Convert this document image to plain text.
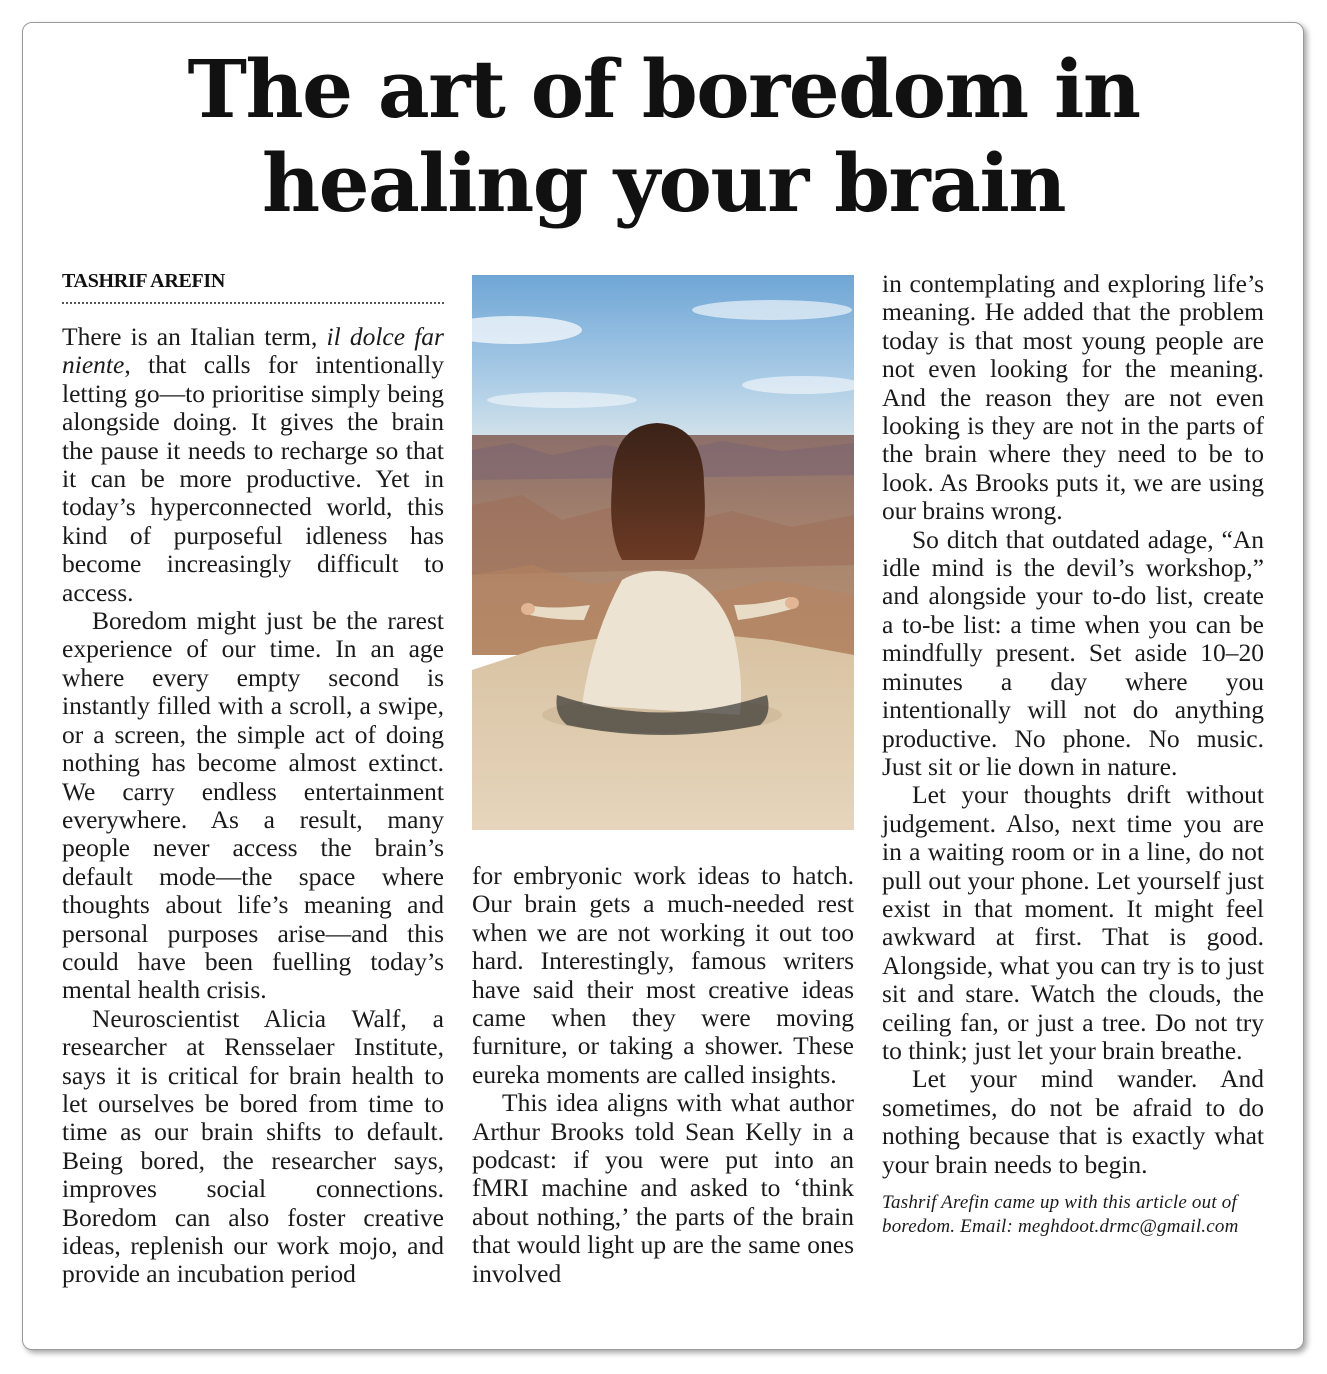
The art of boredom in
healing your brain
TASHRIF AREFIN

There is an Italian term, il dolce far niente, that calls for intentionally letting go—to prioritise simply being alongside doing. It gives the brain the pause it needs to recharge so that it can be more productive. Yet in today’s hyperconnected world, this kind of purposeful idleness has become increasingly difficult to access.

Boredom might just be the rarest experience of our time. In an age where every empty second is instantly filled with a scroll, a swipe, or a screen, the simple act of doing nothing has become almost extinct. We carry endless entertainment everywhere. As a result, many people never access the brain’s default mode—the space where thoughts about life’s meaning and personal purposes arise—and this could have been fuelling today’s mental health crisis.

Neuroscientist Alicia Walf, a researcher at Rensselaer Institute, says it is critical for brain health to let ourselves be bored from time to time as our brain shifts to default. Being bored, the researcher says, improves social connections. Boredom can also foster creative ideas, replenish our work mojo, and provide an incubation period

for embryonic work ideas to hatch. Our brain gets a much-needed rest when we are not working it out too hard. Interestingly, famous writers have said their most creative ideas came when they were moving furniture, or taking a shower. These eureka moments are called insights.

This idea aligns with what author Arthur Brooks told Sean Kelly in a podcast: if you were put into an fMRI machine and asked to ‘think about nothing,’ the parts of the brain that would light up are the same ones involved

in contemplating and exploring life’s meaning. He added that the problem today is that most young people are not even looking for the meaning. And the reason they are not even looking is they are not in the parts of the brain where they need to be to look. As Brooks puts it, we are using our brains wrong.

So ditch that outdated adage, “An idle mind is the devil’s workshop,” and alongside your to-do list, create a to-be list: a time when you can be mindfully present. Set aside 10–20 minutes a day where you intentionally will not do anything productive. No phone. No music. Just sit or lie down in nature.

Let your thoughts drift without judgement. Also, next time you are in a waiting room or in a line, do not pull out your phone. Let yourself just exist in that moment. It might feel awkward at first. That is good. Alongside, what you can try is to just sit and stare. Watch the clouds, the ceiling fan, or just a tree. Do not try to think; just let your brain breathe.

Let your mind wander. And sometimes, do not be afraid to do nothing because that is exactly what your brain needs to begin.

Tashrif Arefin came up with this article out of boredom. Email: meghdoot.drmc@gmail.com
